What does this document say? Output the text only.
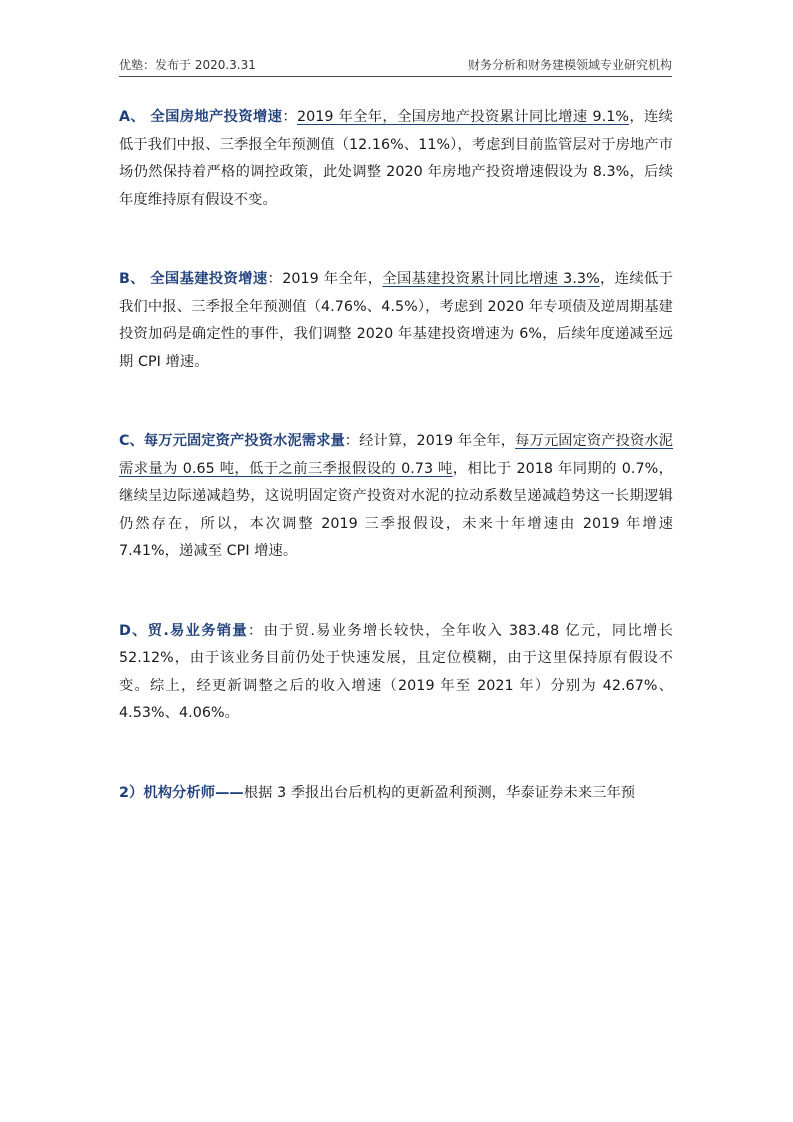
优塾：发布于 2020.3.31	财务分析和财务建模领域专业研究机构

A、 全国房地产投资增速：2019 年全年，全国房地产投资累计同比增速 9.1%，连续低于我们中报、三季报全年预测值（12.16%、11%），考虑到目前监管层对于房地产市场仍然保持着严格的调控政策，此处调整 2020 年房地产投资增速假设为 8.3%，后续年度维持原有假设不变。

B、 全国基建投资增速：2019 年全年，全国基建投资累计同比增速 3.3%，连续低于我们中报、三季报全年预测值（4.76%、4.5%），考虑到 2020 年专项债及逆周期基建投资加码是确定性的事件，我们调整 2020 年基建投资增速为 6%，后续年度递减至远期 CPI 增速。

C、每万元固定资产投资水泥需求量：经计算，2019 年全年，每万元固定资产投资水泥需求量为 0.65 吨，低于之前三季报假设的 0.73 吨，相比于 2018 年同期的 0.7%，继续呈边际递减趋势，这说明固定资产投资对水泥的拉动系数呈递减趋势这一长期逻辑仍然存在，所以，本次调整 2019 三季报假设，未来十年增速由 2019 年增速 7.41%，递减至 CPI 增速。

D、贸.易业务销量：由于贸.易业务增长较快，全年收入 383.48 亿元，同比增长 52.12%，由于该业务目前仍处于快速发展，且定位模糊，由于这里保持原有假设不变。综上，经更新调整之后的收入增速（2019 年至 2021 年）分别为 42.67%、4.53%、4.06%。

2）机构分析师——根据 3 季报出台后机构的更新盈利预测，华泰证券未来三年预
